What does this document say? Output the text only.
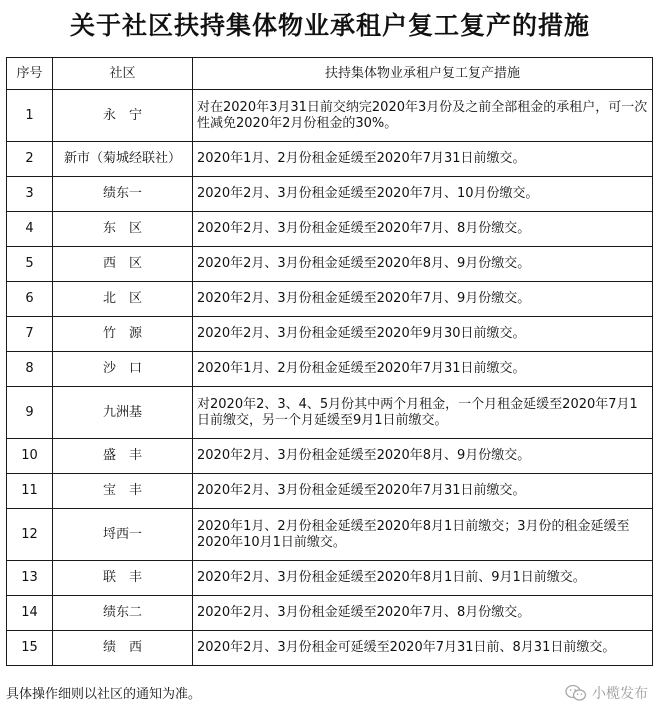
关于社区扶持集体物业承租户复工复产的措施
序号	社区	扶持集体物业承租户复工复产措施
1	永宁	对在2020年3月31日前交纳完2020年3月份及之前全部租金的承租户，可一次性减免2020年2月份租金的30%。
2	新市（菊城经联社）	2020年1月、2月份租金延缓至2020年7月31日前缴交。
3	绩东一	2020年2月、3月份租金延缓至2020年7月、10月份缴交。
4	东区	2020年2月、3月份租金延缓至2020年7月、8月份缴交。
5	西区	2020年2月、3月份租金延缓至2020年8月、9月份缴交。
6	北区	2020年2月、3月份租金延缓至2020年7月、9月份缴交。
7	竹源	2020年2月、3月份租金延缓至2020年9月30日前缴交。
8	沙口	2020年1月、2月份租金延缓至2020年7月31日前缴交。
9	九洲基	对2020年2、3、4、5月份其中两个月租金，一个月租金延缓至2020年7月1日前缴交，另一个月延缓至9月1日前缴交。
10	盛丰	2020年2月、3月份租金延缓至2020年8月、9月份缴交。
11	宝丰	2020年2月、3月份租金延缓至2020年7月31日前缴交。
12	埒西一	2020年1月、2月份租金延缓至2020年8月1日前缴交；3月份的租金延缓至2020年10月1日前缴交。
13	联丰	2020年2月、3月份租金延缓至2020年8月1日前、9月1日前缴交。
14	绩东二	2020年2月、3月份租金延缓至2020年7月、8月份缴交。
15	绩西	2020年2月、3月份租金可延缓至2020年7月31日前、8月31日前缴交。
具体操作细则以社区的通知为准。	小榄发布
